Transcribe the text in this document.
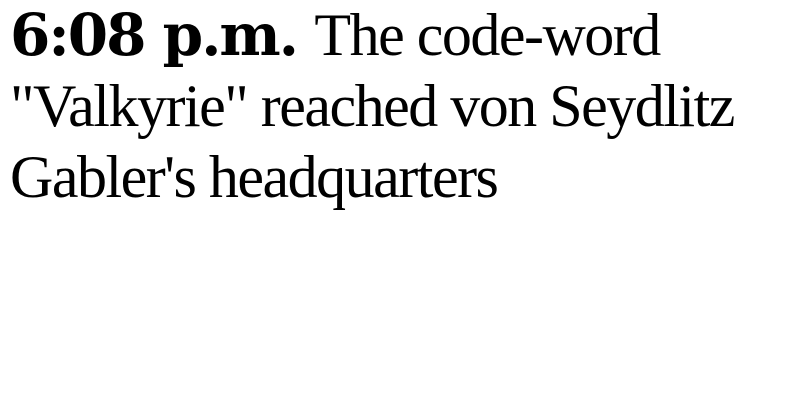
6:08 p.m. The code-word "Valkyrie" reached von Seydlitz Gabler's headquarters
